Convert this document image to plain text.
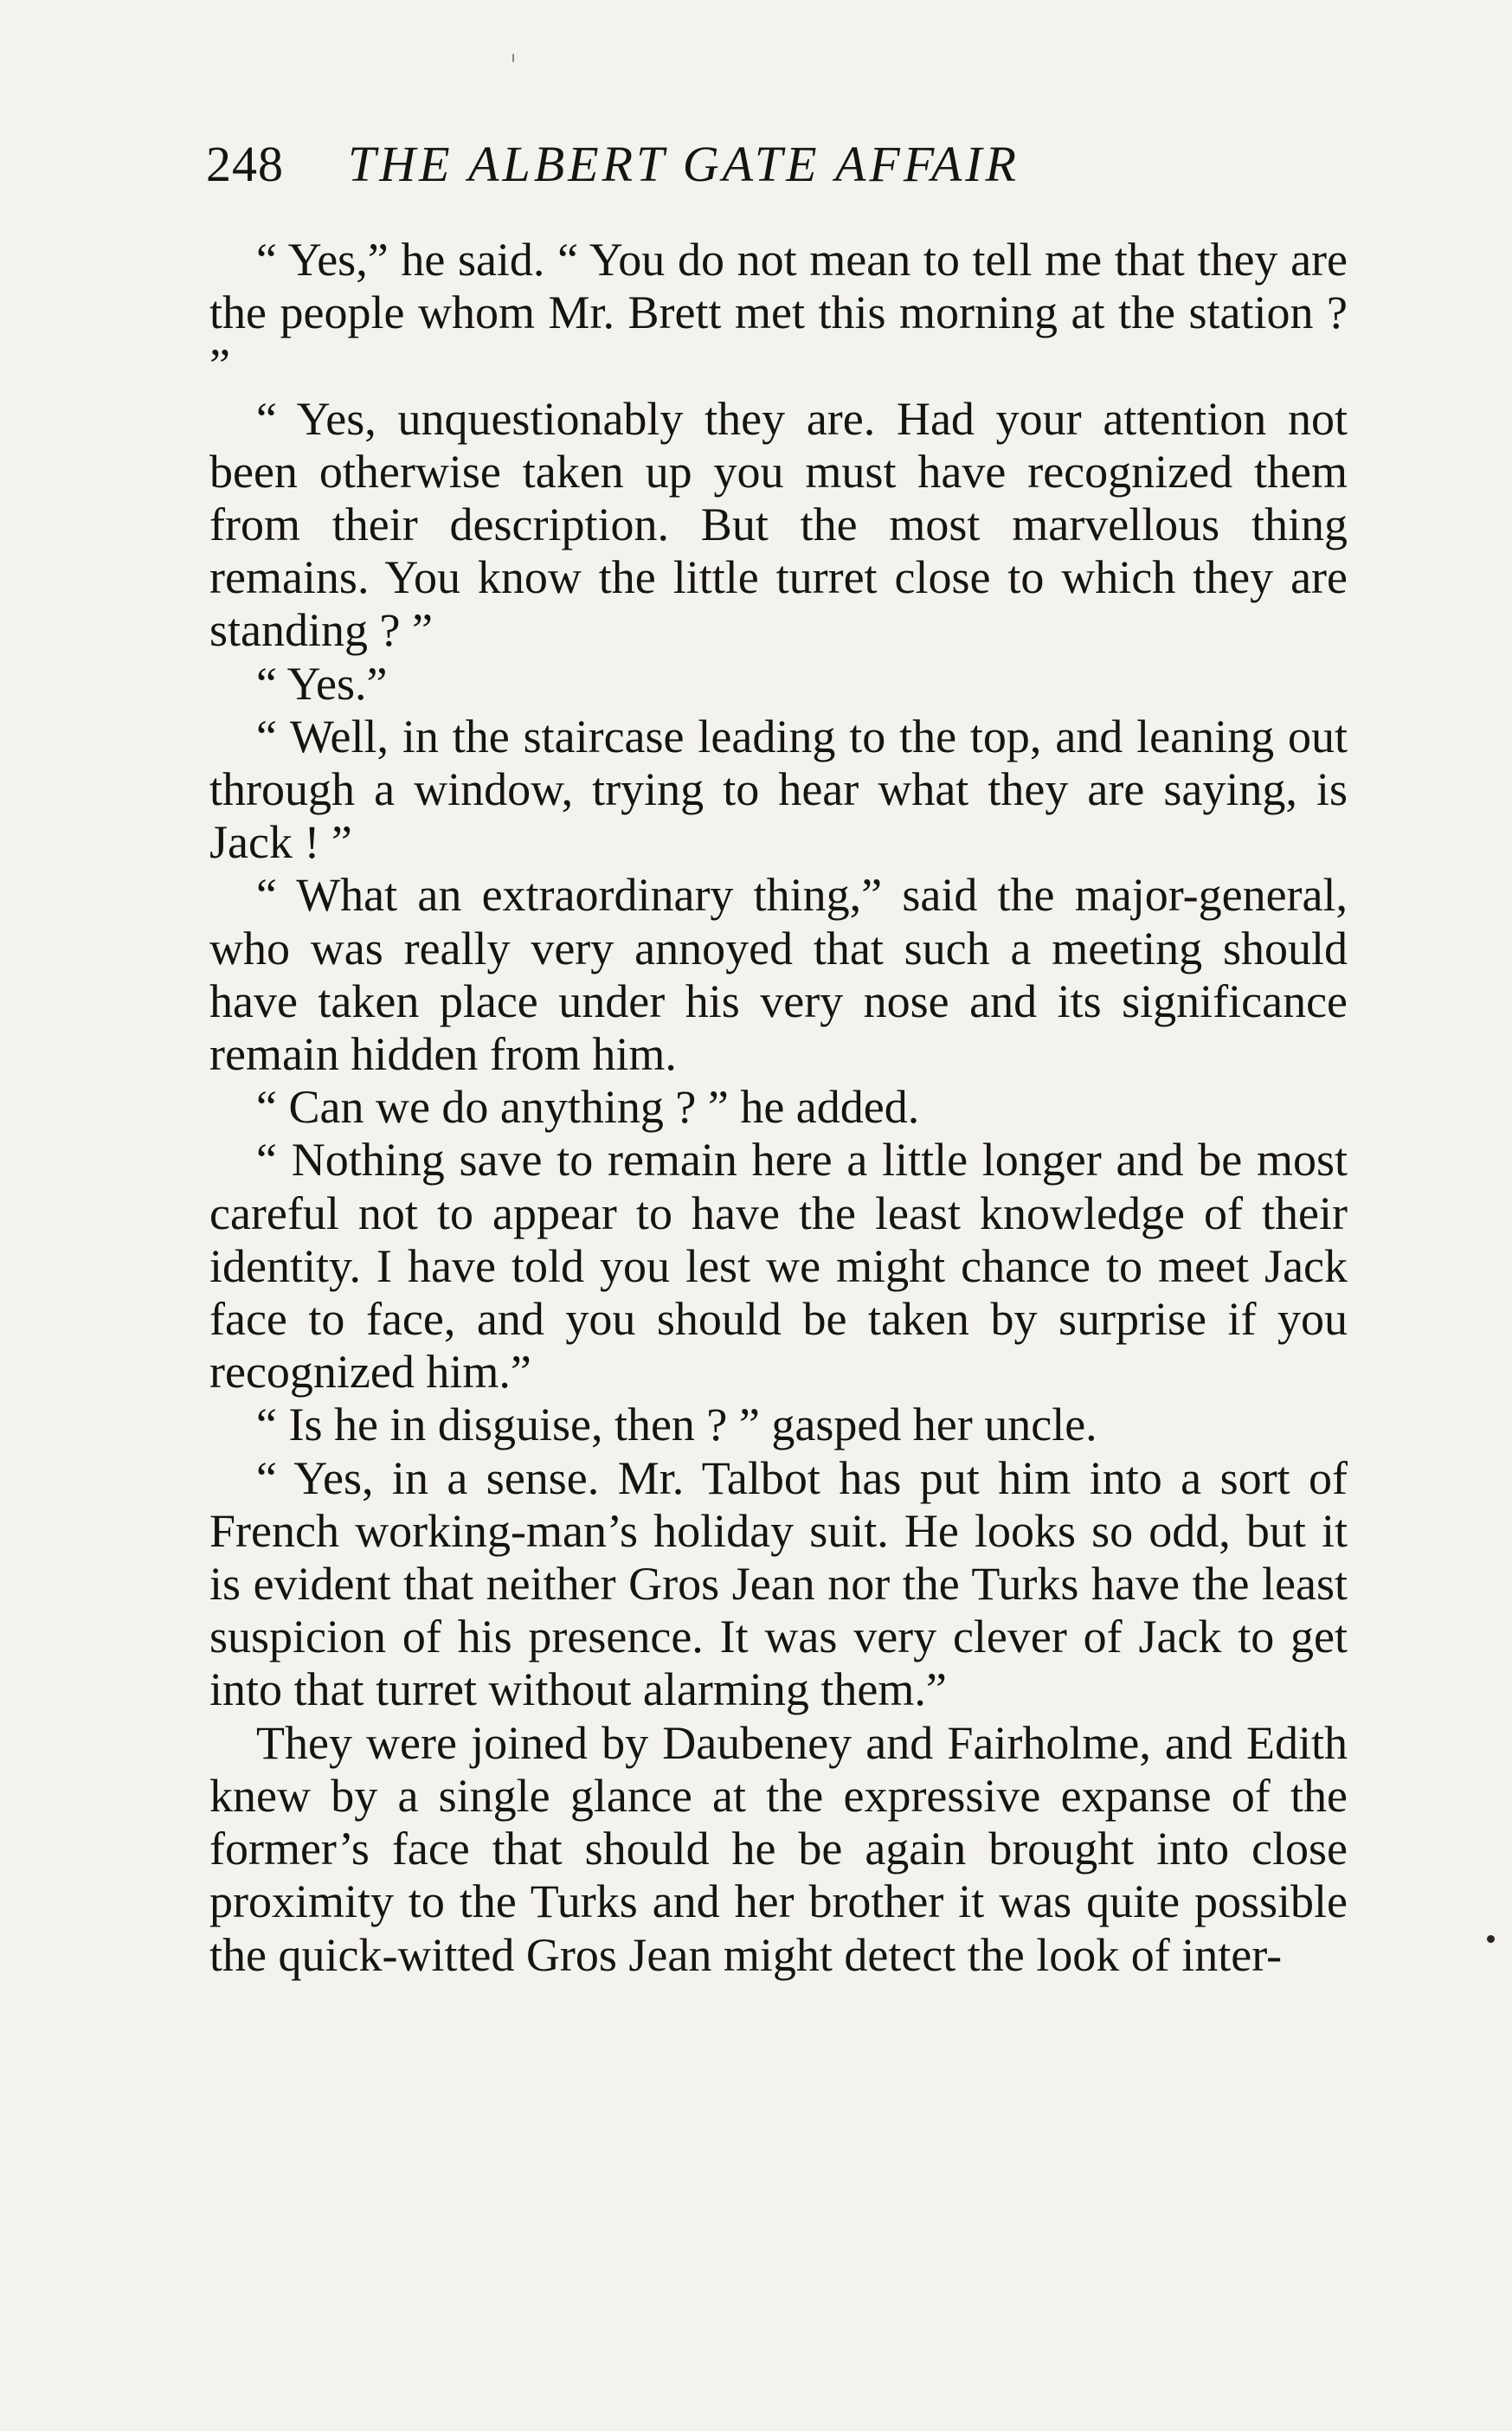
248 THE ALBERT GATE AFFAIR

“ Yes,” he said. “ You do not mean to tell me that they are the people whom Mr. Brett met this morning at the station ? ”

“ Yes, unquestionably they are. Had your attention not been otherwise taken up you must have recognized them from their description. But the most marvellous thing remains. You know the little turret close to which they are standing ? ”

“ Yes.”

“ Well, in the staircase leading to the top, and leaning out through a window, trying to hear what they are saying, is Jack ! ”

“ What an extraordinary thing,” said the major-general, who was really very annoyed that such a meeting should have taken place under his very nose and its significance remain hidden from him.

“ Can we do anything ? ” he added.

“ Nothing save to remain here a little longer and be most careful not to appear to have the least knowledge of their identity. I have told you lest we might chance to meet Jack face to face, and you should be taken by surprise if you recognized him.”

“ Is he in disguise, then ? ” gasped her uncle.

“ Yes, in a sense. Mr. Talbot has put him into a sort of French working-man’s holiday suit. He looks so odd, but it is evident that neither Gros Jean nor the Turks have the least suspicion of his presence. It was very clever of Jack to get into that turret without alarming them.”

They were joined by Daubeney and Fairholme, and Edith knew by a single glance at the expressive expanse of the former’s face that should he be again brought into close proximity to the Turks and her brother it was quite possible the quick-witted Gros Jean might detect the look of inter-
